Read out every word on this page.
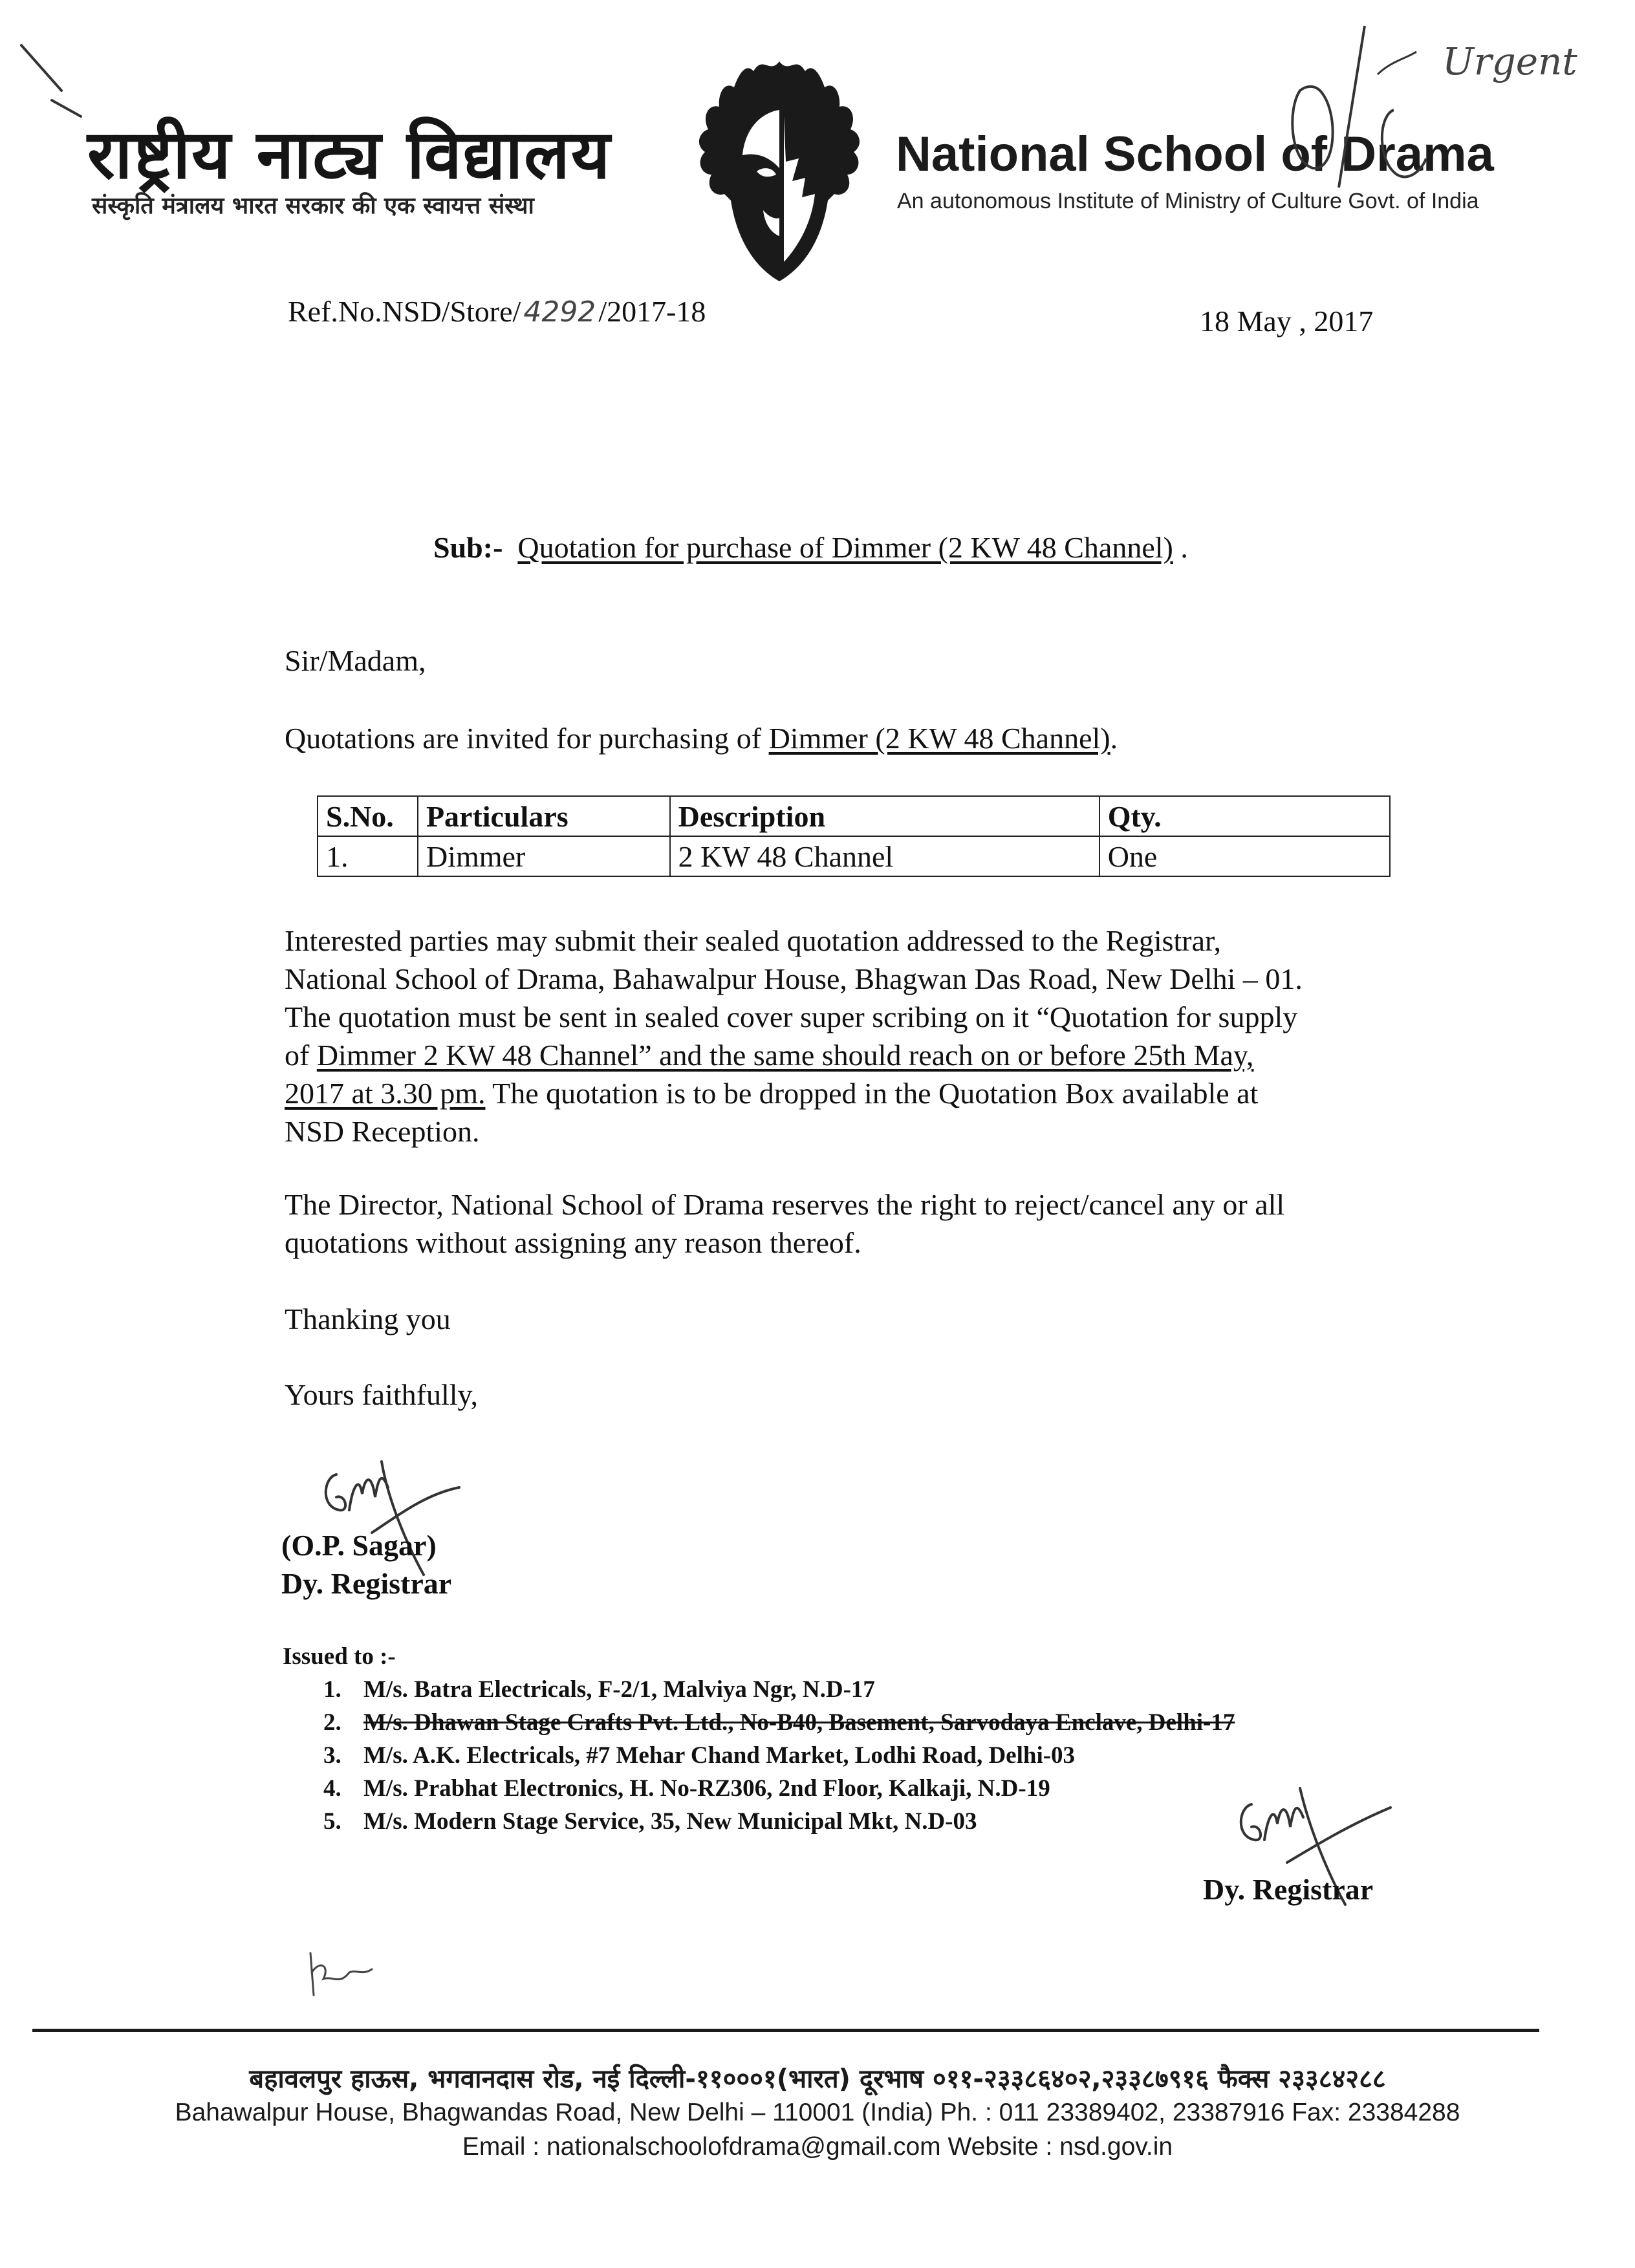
राष्ट्रीय नाट्य विद्यालय
संस्कृति मंत्रालय भारत सरकार की एक स्वायत्त संस्था
National School of Drama
An autonomous Institute of Ministry of Culture Govt. of India
Urgent
Ref.No.NSD/Store/4292/2017-18	18 May , 2017
Sub:- Quotation for purchase of Dimmer (2 KW 48 Channel) .
Sir/Madam,
Quotations are invited for purchasing of Dimmer (2 KW 48 Channel).
S.No.	Particulars	Description	Qty.
1.	Dimmer	2 KW 48 Channel	One
Interested parties may submit their sealed quotation addressed to the Registrar,
National School of Drama, Bahawalpur House, Bhagwan Das Road, New Delhi – 01.
The quotation must be sent in sealed cover super scribing on it “Quotation for supply
of Dimmer 2 KW 48 Channel” and the same should reach on or before 25th May,
2017 at 3.30 pm. The quotation is to be dropped in the Quotation Box available at
NSD Reception.
The Director, National School of Drama reserves the right to reject/cancel any or all
quotations without assigning any reason thereof.
Thanking you
Yours faithfully,
(O.P. Sagar)
Dy. Registrar
Issued to :-
1. M/s. Batra Electricals, F-2/1, Malviya Ngr, N.D-17
2. M/s. Dhawan Stage Crafts Pvt. Ltd., No-B40, Basement, Sarvodaya Enclave, Delhi-17
3. M/s. A.K. Electricals, #7 Mehar Chand Market, Lodhi Road, Delhi-03
4. M/s. Prabhat Electronics, H. No-RZ306, 2nd Floor, Kalkaji, N.D-19
5. M/s. Modern Stage Service, 35, New Municipal Mkt, N.D-03
Dy. Registrar
बहावलपुर हाऊस, भगवानदास रोड, नई दिल्ली-११०००१(भारत) दूरभाष ०११-२३३८६४०२,२३३८७९१६ फैक्स २३३८४२८८
Bahawalpur House, Bhagwandas Road, New Delhi – 110001 (India) Ph. : 011 23389402, 23387916 Fax: 23384288
Email : nationalschoolofdrama@gmail.com Website : nsd.gov.in
